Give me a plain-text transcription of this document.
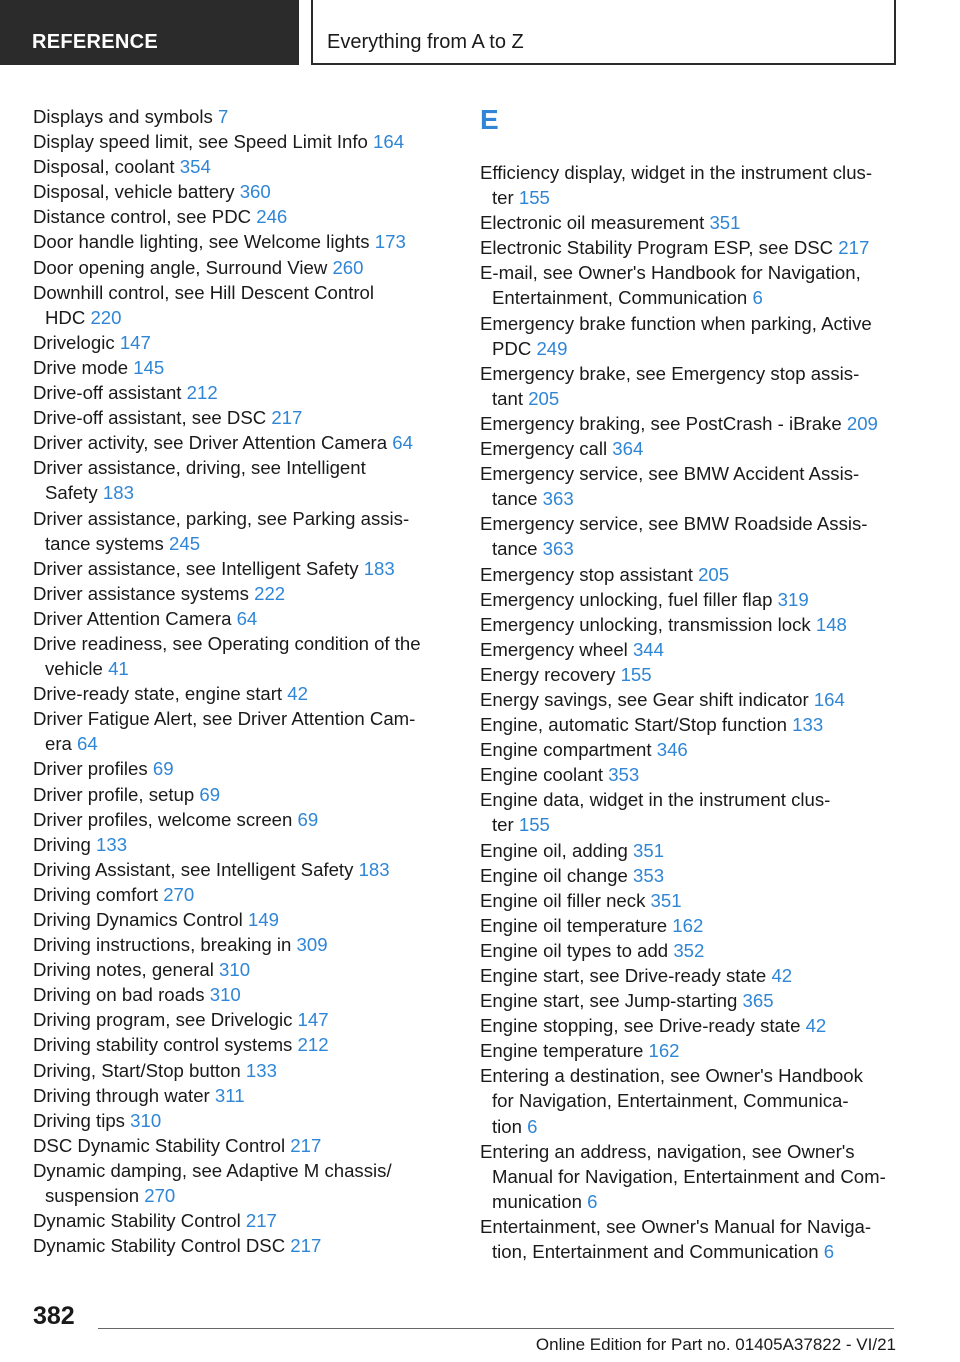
REFERENCE	Everything from A to Z
Displays and symbols 7
Display speed limit, see Speed Limit Info 164
Disposal, coolant 354
Disposal, vehicle battery 360
Distance control, see PDC 246
Door handle lighting, see Welcome lights 173
Door opening angle, Surround View 260
Downhill control, see Hill Descent Control
HDC 220
Drivelogic 147
Drive mode 145
Drive-off assistant 212
Drive-off assistant, see DSC 217
Driver activity, see Driver Attention Camera 64
Driver assistance, driving, see Intelligent
Safety 183
Driver assistance, parking, see Parking assis-
tance systems 245
Driver assistance, see Intelligent Safety 183
Driver assistance systems 222
Driver Attention Camera 64
Drive readiness, see Operating condition of the
vehicle 41
Drive-ready state, engine start 42
Driver Fatigue Alert, see Driver Attention Cam-
era 64
Driver profiles 69
Driver profile, setup 69
Driver profiles, welcome screen 69
Driving 133
Driving Assistant, see Intelligent Safety 183
Driving comfort 270
Driving Dynamics Control 149
Driving instructions, breaking in 309
Driving notes, general 310
Driving on bad roads 310
Driving program, see Drivelogic 147
Driving stability control systems 212
Driving, Start/Stop button 133
Driving through water 311
Driving tips 310
DSC Dynamic Stability Control 217
Dynamic damping, see Adaptive M chassis/
suspension 270
Dynamic Stability Control 217
Dynamic Stability Control DSC 217
E
Efficiency display, widget in the instrument clus-
ter 155
Electronic oil measurement 351
Electronic Stability Program ESP, see DSC 217
E-mail, see Owner's Handbook for Navigation,
Entertainment, Communication 6
Emergency brake function when parking, Active
PDC 249
Emergency brake, see Emergency stop assis-
tant 205
Emergency braking, see PostCrash - iBrake 209
Emergency call 364
Emergency service, see BMW Accident Assis-
tance 363
Emergency service, see BMW Roadside Assis-
tance 363
Emergency stop assistant 205
Emergency unlocking, fuel filler flap 319
Emergency unlocking, transmission lock 148
Emergency wheel 344
Energy recovery 155
Energy savings, see Gear shift indicator 164
Engine, automatic Start/Stop function 133
Engine compartment 346
Engine coolant 353
Engine data, widget in the instrument clus-
ter 155
Engine oil, adding 351
Engine oil change 353
Engine oil filler neck 351
Engine oil temperature 162
Engine oil types to add 352
Engine start, see Drive-ready state 42
Engine start, see Jump-starting 365
Engine stopping, see Drive-ready state 42
Engine temperature 162
Entering a destination, see Owner's Handbook
for Navigation, Entertainment, Communica-
tion 6
Entering an address, navigation, see Owner's
Manual for Navigation, Entertainment and Com-
munication 6
Entertainment, see Owner's Manual for Naviga-
tion, Entertainment and Communication 6
382
Online Edition for Part no. 01405A37822 - VI/21
